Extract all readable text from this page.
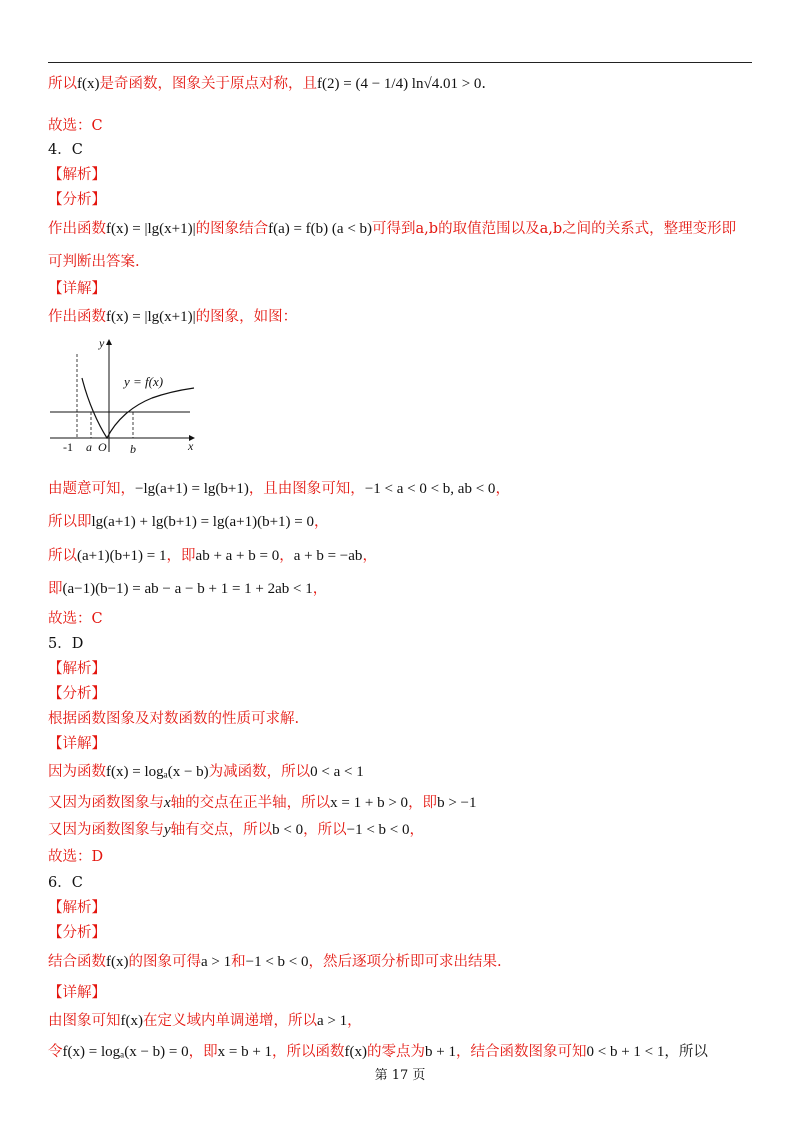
所以f(x)是奇函数，图象关于原点对称，且f(2) = (4 − 1/4) ln√4.01 > 0.
故选：C
4．C
【解析】
【分析】
作出函数f(x) = |lg(x+1)|的图象结合f(a) = f(b) (a < b)可得到a,b的取值范围以及a,b之间的关系式，整理变形即
可判断出答案.
【详解】
作出函数f(x) = |lg(x+1)|的图象，如图：
y = f(x)
y
x
-1 a O b
由题意可知，−lg(a+1) = lg(b+1)，且由图象可知，−1 < a < 0 < b, ab < 0，
所以即lg(a+1) + lg(b+1) = lg(a+1)(b+1) = 0，
所以(a+1)(b+1) = 1，即ab + a + b = 0，a + b = −ab，
即(a−1)(b−1) = ab − a − b + 1 = 1 + 2ab < 1，
故选：C
5．D
【解析】
【分析】
根据函数图象及对数函数的性质可求解.
【详解】
因为函数f(x) = logₐ(x − b)为减函数，所以0 < a < 1
又因为函数图象与x轴的交点在正半轴，所以x = 1 + b > 0，即b > −1
又因为函数图象与y轴有交点，所以b < 0，所以−1 < b < 0，
故选：D
6．C
【解析】
【分析】
结合函数f(x)的图象可得a > 1和−1 < b < 0，然后逐项分析即可求出结果.
【详解】
由图象可知f(x)在定义域内单调递增，所以a > 1，
令f(x) = logₐ(x − b) = 0，即x = b + 1，所以函数f(x)的零点为b + 1，结合函数图象可知0 < b + 1 < 1，所以
第 17 页
